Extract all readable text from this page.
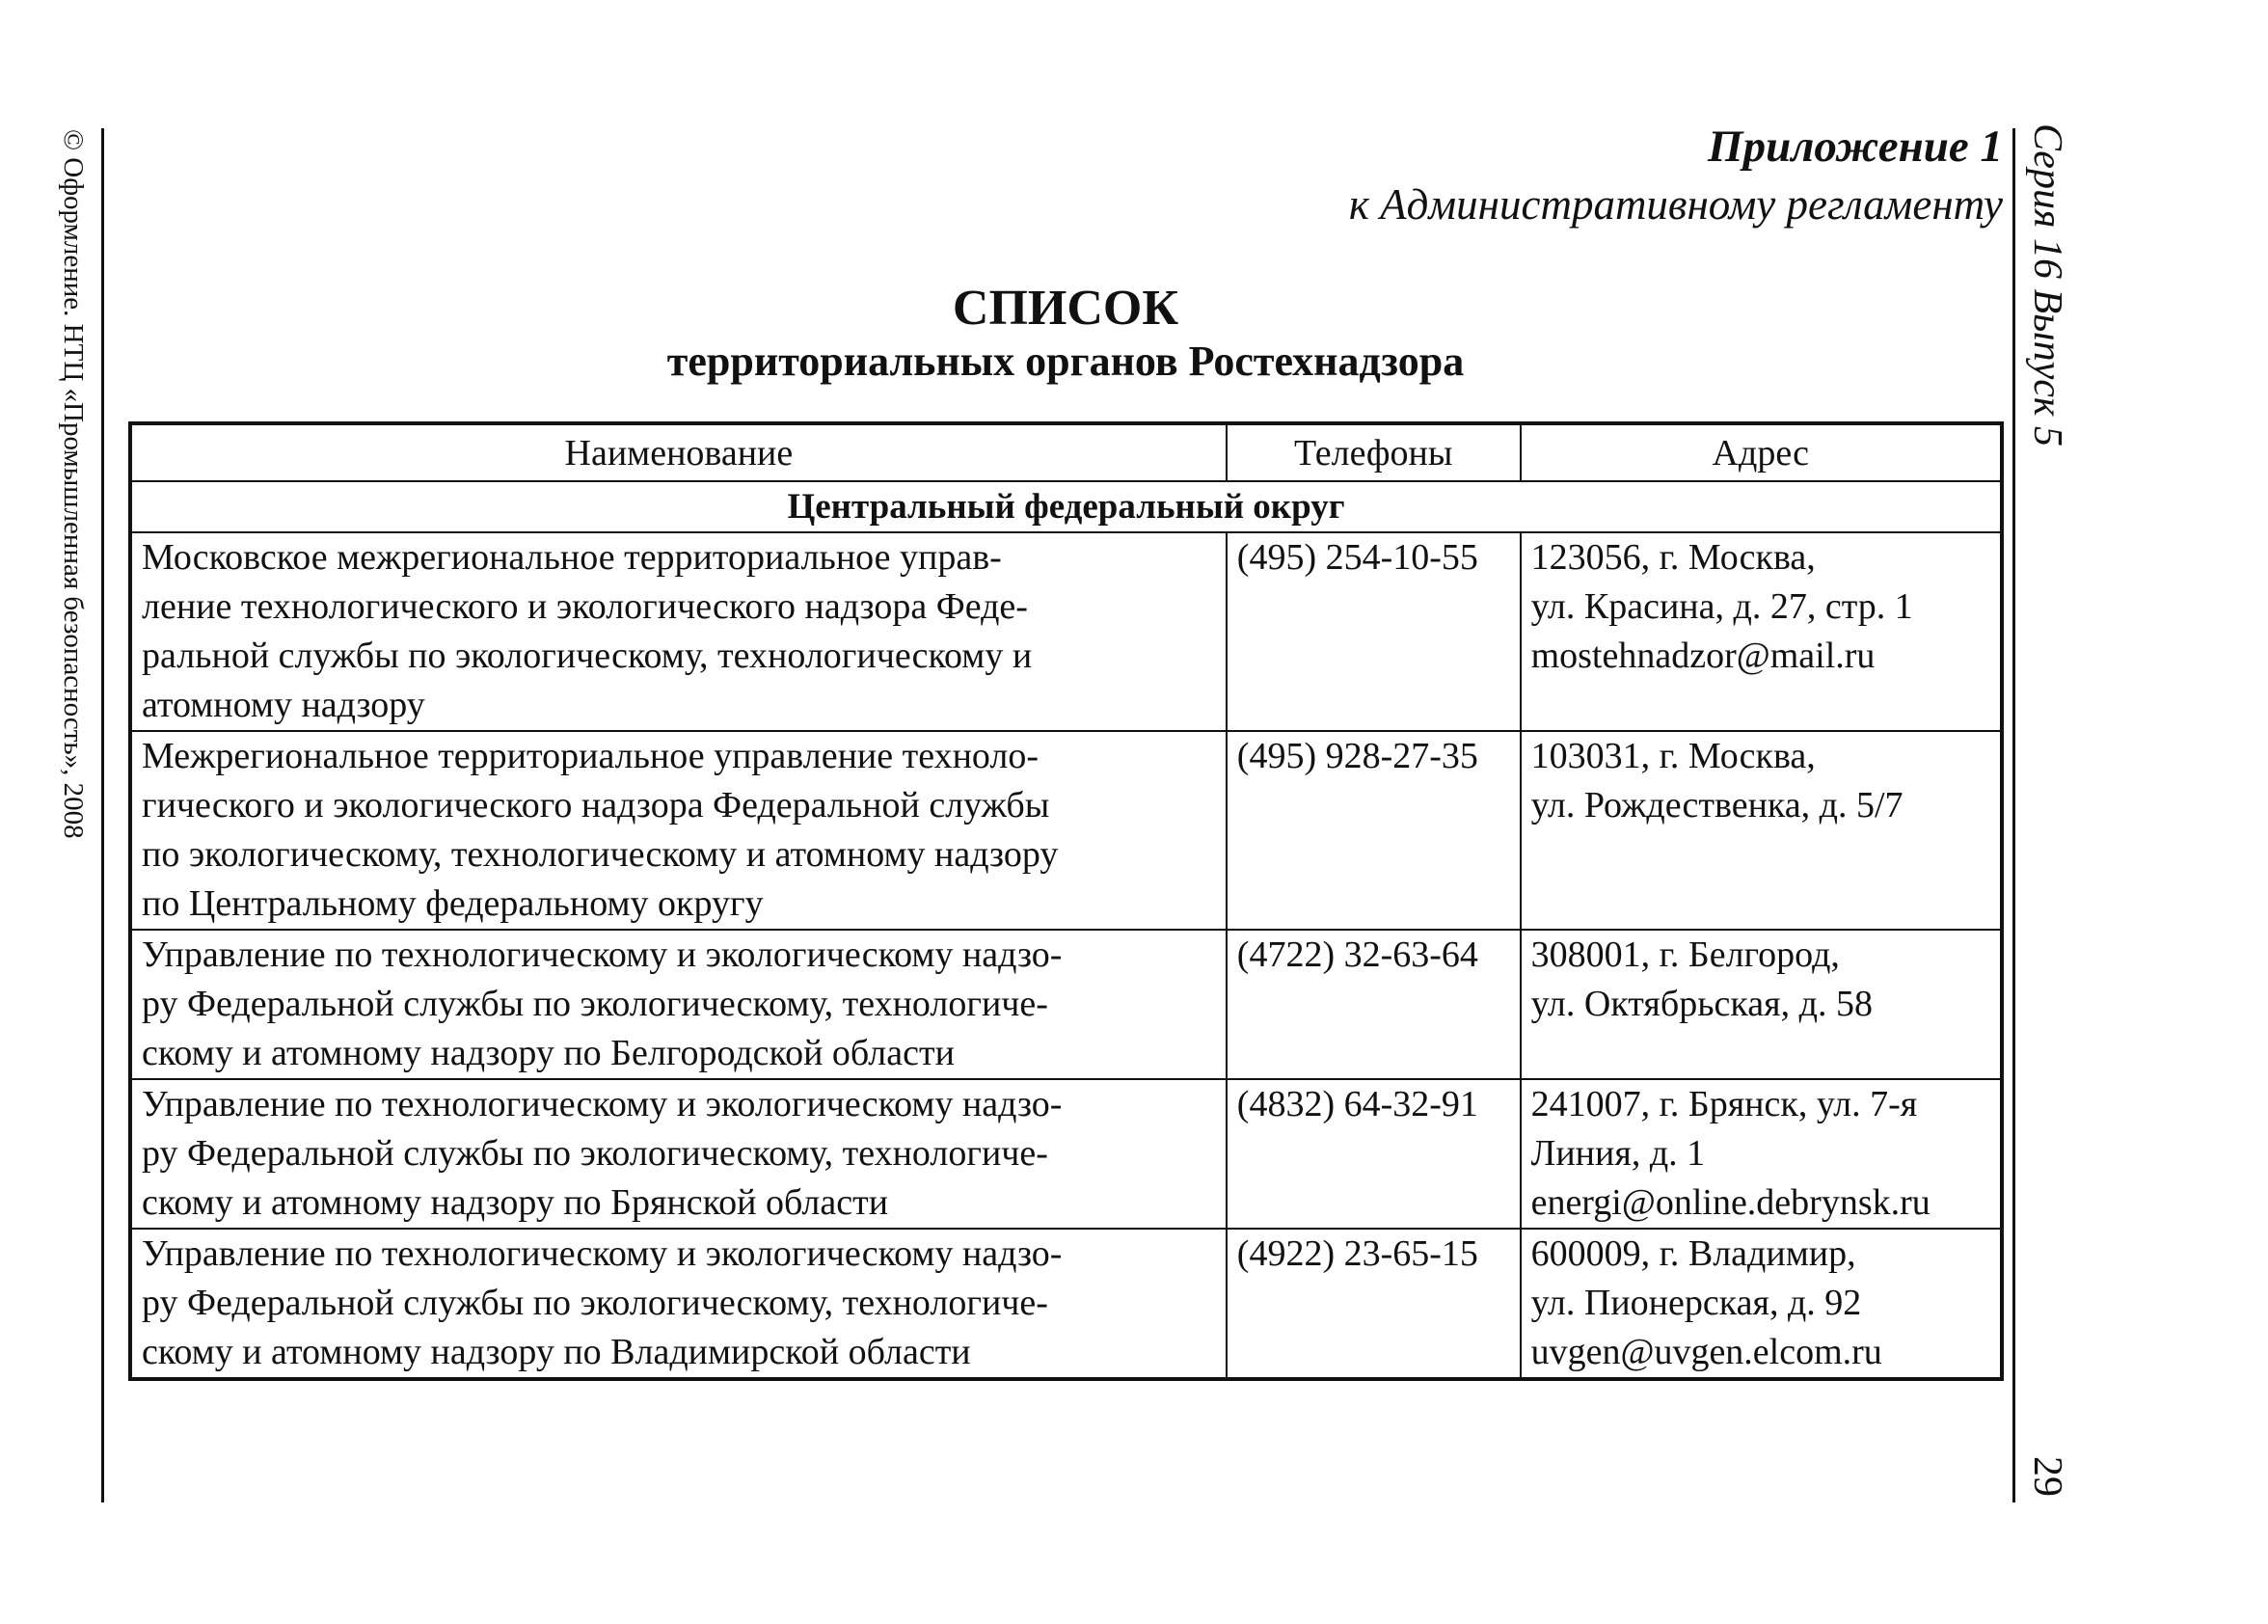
© Оформление. НТЦ «Промышленная безопасность», 2008	Серия 16 Выпуск 5
29
Приложение 1
к Административному регламенту
СПИСОК
территориальных органов Ростехнадзора
Наименование	Телефоны	Адрес
Центральный федеральный округ		

Московское межрегиональное территориальное управ-
ление технологического и экологического надзора Феде-
ральной службы по экологическому, технологическому и
атомному надзору	(495) 254-10-55	123056, г. Москва,
ул. Красина, д. 27, стр. 1
mostehnadzor@mail.ru

Межрегиональное территориальное управление техноло-
гического и экологического надзора Федеральной службы
по экологическому, технологическому и атомному надзору
по Центральному федеральному округу	(495) 928-27-35	103031, г. Москва,
ул. Рождественка, д. 5/7

Управление по технологическому и экологическому надзо-
ру Федеральной службы по экологическому, технологиче-
скому и атомному надзору по Белгородской области	(4722) 32-63-64	308001, г. Белгород,
ул. Октябрьская, д. 58

Управление по технологическому и экологическому надзо-
ру Федеральной службы по экологическому, технологиче-
скому и атомному надзору по Брянской области	(4832) 64-32-91	241007, г. Брянск, ул. 7-я
Линия, д. 1
energi@online.debrynsk.ru

Управление по технологическому и экологическому надзо-
ру Федеральной службы по экологическому, технологиче-
скому и атомному надзору по Владимирской области	(4922) 23-65-15	600009, г. Владимир,
ул. Пионерская, д. 92
uvgen@uvgen.elcom.ru
